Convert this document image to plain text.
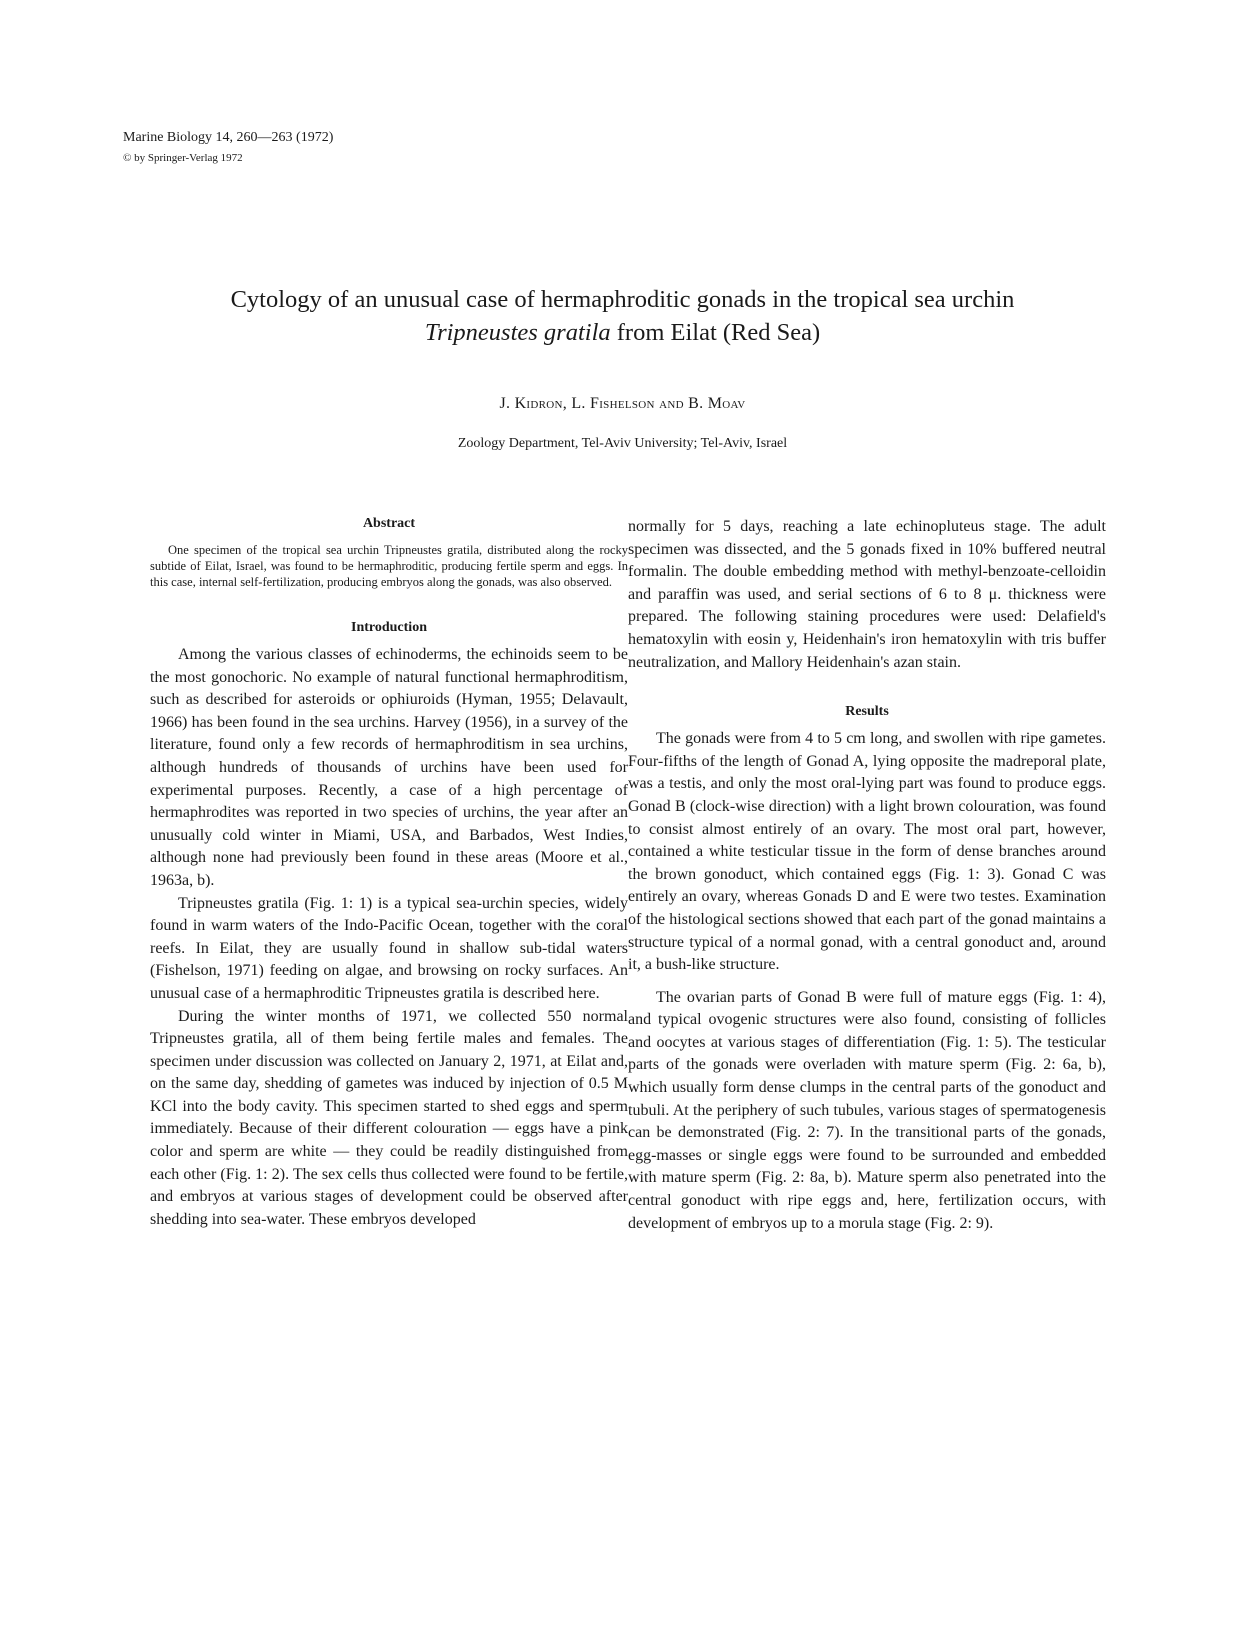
Marine Biology 14, 260—263 (1972)
© by Springer-Verlag 1972
Cytology of an unusual case of hermaphroditic gonads in the tropical sea urchin
Tripneustes gratila from Eilat (Red Sea)
J. Kidron, L. Fishelson and B. Moav
Zoology Department, Tel-Aviv University; Tel-Aviv, Israel
Abstract

One specimen of the tropical sea urchin Tripneustes gratila, distributed along the rocky subtide of Eilat, Israel, was found to be hermaphroditic, producing fertile sperm and eggs. In this case, internal self-fertilization, producing embryos along the gonads, was also observed.

Introduction

Among the various classes of echinoderms, the echinoids seem to be the most gonochoric. No example of natural functional hermaphroditism, such as described for asteroids or ophiuroids (Hyman, 1955; Delavault, 1966) has been found in the sea urchins. Harvey (1956), in a survey of the literature, found only a few records of hermaphroditism in sea urchins, although hundreds of thousands of urchins have been used for experimental purposes. Recently, a case of a high percentage of hermaphrodites was reported in two species of urchins, the year after an unusually cold winter in Miami, USA, and Barbados, West Indies, although none had previously been found in these areas (Moore et al., 1963a, b).

Tripneustes gratila (Fig. 1: 1) is a typical sea-urchin species, widely found in warm waters of the Indo-Pacific Ocean, together with the coral reefs. In Eilat, they are usually found in shallow sub-tidal waters (Fishelson, 1971) feeding on algae, and browsing on rocky surfaces. An unusual case of a hermaphroditic Tripneustes gratila is described here.

During the winter months of 1971, we collected 550 normal Tripneustes gratila, all of them being fertile males and females. The specimen under discussion was collected on January 2, 1971, at Eilat and, on the same day, shedding of gametes was induced by injection of 0.5 M KCl into the body cavity. This specimen started to shed eggs and sperm immediately. Because of their different colouration — eggs have a pink color and sperm are white — they could be readily distinguished from each other (Fig. 1: 2). The sex cells thus collected were found to be fertile, and embryos at various stages of development could be observed after shedding into sea-water. These embryos developed

normally for 5 days, reaching a late echinopluteus stage. The adult specimen was dissected, and the 5 gonads fixed in 10% buffered neutral formalin. The double embedding method with methyl-benzoate-celloidin and paraffin was used, and serial sections of 6 to 8 μ. thickness were prepared. The following staining procedures were used: Delafield's hematoxylin with eosin y, Heidenhain's iron hematoxylin with tris buffer neutralization, and Mallory Heidenhain's azan stain.

Results

The gonads were from 4 to 5 cm long, and swollen with ripe gametes. Four-fifths of the length of Gonad A, lying opposite the madreporal plate, was a testis, and only the most oral-lying part was found to produce eggs. Gonad B (clock-wise direction) with a light brown colouration, was found to consist almost entirely of an ovary. The most oral part, however, contained a white testicular tissue in the form of dense branches around the brown gonoduct, which contained eggs (Fig. 1: 3). Gonad C was entirely an ovary, whereas Gonads D and E were two testes. Examination of the histological sections showed that each part of the gonad maintains a structure typical of a normal gonad, with a central gonoduct and, around it, a bush-like structure.

The ovarian parts of Gonad B were full of mature eggs (Fig. 1: 4), and typical ovogenic structures were also found, consisting of follicles and oocytes at various stages of differentiation (Fig. 1: 5). The testicular parts of the gonads were overladen with mature sperm (Fig. 2: 6a, b), which usually form dense clumps in the central parts of the gonoduct and tubuli. At the periphery of such tubules, various stages of spermatogenesis can be demonstrated (Fig. 2: 7). In the transitional parts of the gonads, egg-masses or single eggs were found to be surrounded and embedded with mature sperm (Fig. 2: 8a, b). Mature sperm also penetrated into the central gonoduct with ripe eggs and, here, fertilization occurs, with development of embryos up to a morula stage (Fig. 2: 9).
